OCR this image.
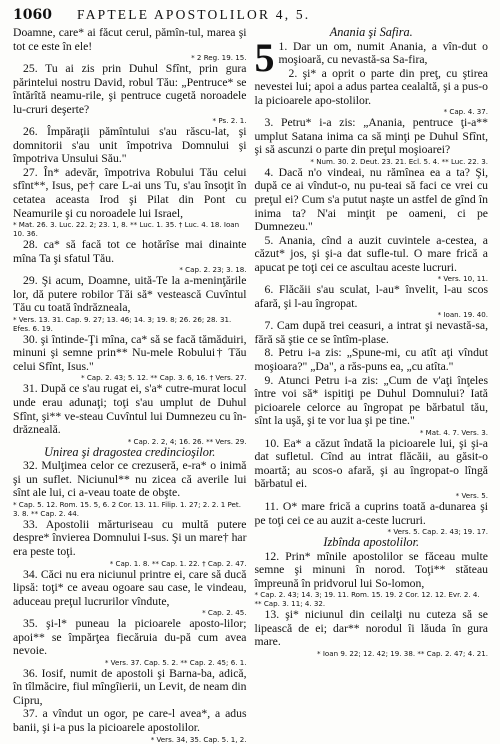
1060	FAPTELE APOSTOLILOR 4, 5.

Doamne, care* ai făcut cerul, pămîn-tul, marea şi tot ce este în ele!

* 2 Reg. 19. 15.

25. Tu ai zis prin Duhul Sfînt, prin gura părintelui nostru David, robul Tău: „Pentruce* se întărîtă neamu-rile, şi pentruce cugetă noroadele lu-cruri deşerte?

* Ps. 2. 1.

26. Împăraţii pămîntului s'au răscu-lat, şi domnitorii s'au unit împotriva Domnului şi împotriva Unsului Său."

27. În* adevăr, împotriva Robului Tău celui sfînt**, Isus, pe† care L-ai uns Tu, s'au însoţit în cetatea aceasta Irod şi Pilat din Pont cu Neamurile şi cu noroadele lui Israel,

* Mat. 26. 3. Luc. 22. 2; 23. 1, 8. ** Luc. 1. 35. † Luc. 4. 18. Ioan 10. 36.

28. ca* să facă tot ce hotărîse mai dinainte mîna Ta şi sfatul Tău.

* Cap. 2. 23; 3. 18.

29. Şi acum, Doamne, uită-Te la a-meninţările lor, dă putere robilor Tăi să* vestească Cuvîntul Tău cu toată îndrăzneala,

* Vers. 13. 31. Cap. 9. 27; 13. 46; 14. 3; 19. 8; 26. 26; 28. 31. Efes. 6. 19.

30. şi întinde-Ţi mîna, ca* să se facă tămăduiri, minuni şi semne prin** Nu-mele Robului† Tău celui Sfînt, Isus."

* Cap. 2. 43; 5. 12. ** Cap. 3. 6, 16. † Vers. 27.

31. După ce s'au rugat ei, s'a* cutre-murat locul unde erau adunaţi; toţi s'au umplut de Duhul Sfînt, şi** ve-steau Cuvîntul lui Dumnezeu cu în-drăzneală.

* Cap. 2. 2, 4; 16. 26. ** Vers. 29.

Unirea şi dragostea credincioşilor.

32. Mulţimea celor ce crezuseră, e-ra* o inimă şi un suflet. Niciunul** nu zicea că averile lui sînt ale lui, ci a-veau toate de obşte.

* Cap. 5. 12. Rom. 15. 5, 6. 2 Cor. 13. 11. Filip. 1. 27; 2. 2. 1 Pet. 3. 8. ** Cap. 2. 44.

33. Apostolii mărturiseau cu multă putere despre* învierea Domnului I-sus. Şi un mare† har era peste toţi.

* Cap. 1. 8. ** Cap. 1. 22. † Cap. 2. 47.

34. Căci nu era niciunul printre ei, care să ducă lipsă: toţi* ce aveau ogoare sau case, le vindeau, aduceau preţul lucrurilor vîndute,

* Cap. 2. 45.

35. şi-l* puneau la picioarele aposto-lilor; apoi** se împărţea fiecăruia du-pă cum avea nevoie.

* Vers. 37. Cap. 5. 2. ** Cap. 2. 45; 6. 1.

36. Iosif, numit de apostoli şi Barna-ba, adică, în tîlmăcire, fiul mîngîierii, un Levit, de neam din Cipru,

37. a vîndut un ogor, pe care-l avea*, a adus banii, şi i-a pus la picioarele apostolilor.

* Vers. 34, 35. Cap. 5. 1, 2.

Anania şi Safira.

5 1. Dar un om, numit Anania, a vîn-dut o moşioară, cu nevastă-sa Sa-fira,

2. şi* a oprit o parte din preţ, cu ştirea nevestei lui; apoi a adus partea cealaltă, şi a pus-o la picioarele apo-stolilor.

* Cap. 4. 37.

3. Petru* i-a zis: „Anania, pentruce ţi-a** umplut Satana inima ca să minţi pe Duhul Sfînt, şi să ascunzi o parte din preţul moşioarei?

* Num. 30. 2. Deut. 23. 21. Ecl. 5. 4. ** Luc. 22. 3.

4. Dacă n'o vindeai, nu rămînea ea a ta? Şi, după ce ai vîndut-o, nu pu-teai să faci ce vrei cu preţul ei? Cum s'a putut naşte un astfel de gînd în inima ta? N'ai minţit pe oameni, ci pe Dumnezeu."

5. Anania, cînd a auzit cuvintele a-cestea, a căzut* jos, şi şi-a dat sufle-tul. O mare frică a apucat pe toţi cei ce ascultau aceste lucruri.

* Vers. 10, 11.

6. Flăcăii s'au sculat, l-au* învelit, l-au scos afară, şi l-au îngropat.

* Ioan. 19. 40.

7. Cam după trei ceasuri, a intrat şi nevastă-sa, fără să ştie ce se întîm-plase.

8. Petru i-a zis: „Spune-mi, cu atît aţi vîndut moşioara?" „Da", a răs-puns ea, „cu atîta."

9. Atunci Petru i-a zis: „Cum de v'aţi înţeles între voi să* ispitiţi pe Duhul Domnului? Iată picioarele celorce au îngropat pe bărbatul tău, sînt la uşă, şi te vor lua şi pe tine."

* Mat. 4. 7. Vers. 3.

10. Ea* a căzut îndată la picioarele lui, şi şi-a dat sufletul. Cînd au intrat flăcăii, au găsit-o moartă; au scos-o afară, şi au îngropat-o lîngă bărbatul ei.

* Vers. 5.

11. O* mare frică a cuprins toată a-dunarea şi pe toţi cei ce au auzit a-ceste lucruri.

* Vers. 5. Cap. 2. 43; 19. 17.

Izbînda apostolilor.

12. Prin* mînile apostolilor se făceau multe semne şi minuni în norod. Toţi** stăteau împreună în pridvorul lui So-lomon,

* Cap. 2. 43; 14. 3; 19. 11. Rom. 15. 19. 2 Cor. 12. 12. Evr. 2. 4. ** Cap. 3. 11; 4. 32.

13. şi* niciunul din ceilalţi nu cuteza să se lipească de ei; dar** norodul îi lăuda în gura mare.

* Ioan 9. 22; 12. 42; 19. 38. ** Cap. 2. 47; 4. 21.
